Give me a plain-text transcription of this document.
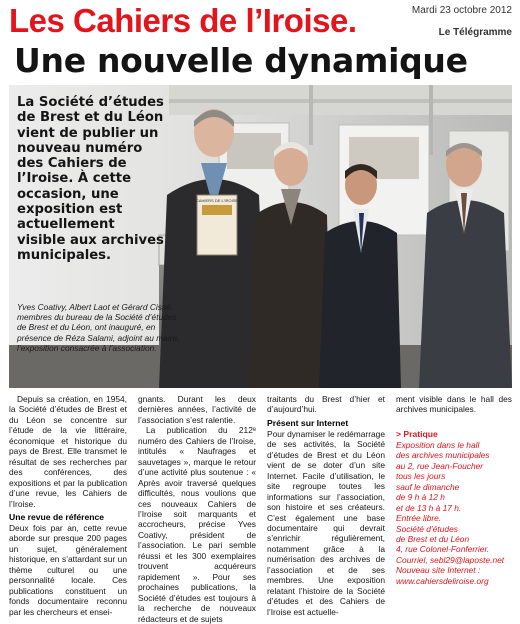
Les Cahiers de l’Iroise.
Une nouvelle dynamique
Mardi 23 octobre 2012
Le Télégramme
CAHIERS DE L'IROISE
La Société d’études de Brest et du Léon vient de publier un nouveau numéro des Cahiers de l’Iroise. À cette occasion, une exposition est actuellement visible aux archives municipales.
Yves Coativy, Albert Laot et Gérard Cissé, membres du bureau de la Société d’études de Brest et du Léon, ont inauguré, en présence de Réza Salami, adjoint au maire, l’exposition consacrée à l’association.

Depuis sa création, en 1954, la Société d’études de Brest et du Léon se concentre sur l’étude de la vie littéraire, économique et historique du pays de Brest. Elle transmet le résultat de ses recherches par des conférences, des expositions et par la publication d’une revue, les Cahiers de l’Iroise.

Une revue de référence

Deux fois par an, cette revue aborde sur presque 200 pages un sujet, généralement historique, en s’attardant sur un thème culturel ou une personnalité locale. Ces publications constituent un fonds documentaire reconnu par les chercheurs et ensei-

gnants. Durant les deux dernières années, l’activité de l’association s’est ralentie.

La publication du 212ᵉ numéro des Cahiers de l’Iroise, intitulés « Naufrages et sauvetages », marque le retour d’une activité plus soutenue : « Après avoir traversé quelques difficultés, nous voulions que ces nouveaux Cahiers de l’Iroise soit marquants et accrocheurs, précise Yves Coativy, président de l’association. Le pari semble réussi et les 300 exemplaires trouvent acquéreurs rapidement ». Pour ses prochaines publications, la Société d’études est toujours à la recherche de nouveaux rédacteurs et de sujets

traitants du Brest d’hier et d’aujourd’hui.

Présent sur Internet

Pour dynamiser le redémarrage de ses activités, la Société d’études de Brest et du Léon vient de se doter d’un site Internet. Facile d’utilisation, le site regroupe toutes les informations sur l’association, son histoire et ses créateurs. C’est également une base documentaire qui devrait s’enrichir régulièrement, notamment grâce à la numérisation des archives de l’association et de ses membres. Une exposition relatant l’histoire de la Société d’études et des Cahiers de l’Iroise est actuelle-

ment visible dans le hall des archives municipales.

> Pratique
Exposition dans le hall
des archives municipales
au 2, rue Jean-Foucher
tous les jours
sauf le dimanche
de 9 h à 12 h
et de 13 h à 17 h.
Entrée libre.
Société d’études
de Brest et du Léon
4, rue Colonel-Fonferrier.
Courriel, sebl29@laposte.net
Nouveau site Internet :
www.cahiersdeliroise.org
